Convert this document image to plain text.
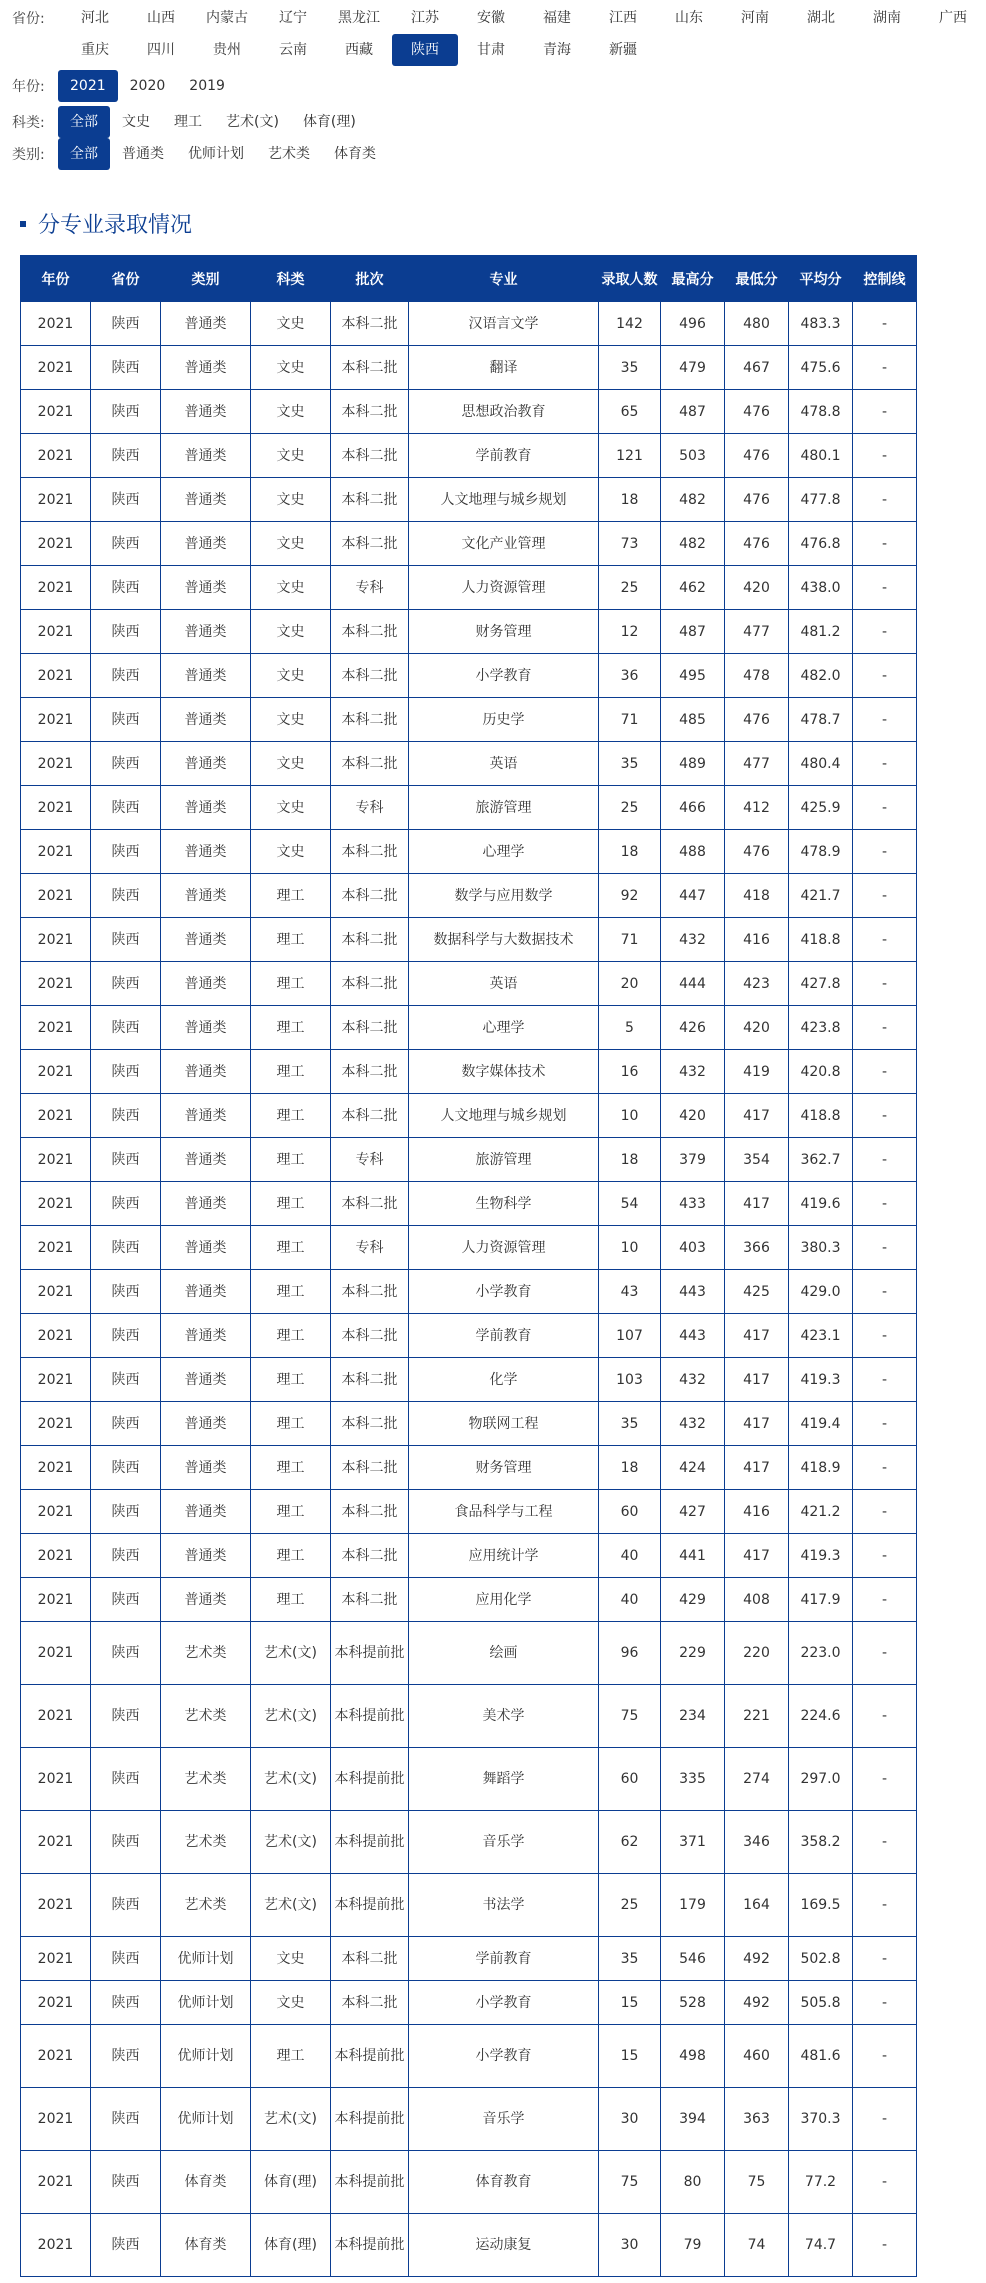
省份:	河北	山西	内蒙古	辽宁	黑龙江	江苏	安徽	福建	江西	山东	河南	湖北	湖南	广西
重庆	四川	贵州	云南	西藏	陕西	甘肃	青海	新疆
年份:	2021	2020	2019
科类:	全部	文史	理工	艺术(文)	体育(理)
类别:	全部	普通类	优师计划	艺术类	体育类
分专业录取情况
年份	省份	类别	科类	批次	专业	录取人数	最高分	最低分	平均分	控制线
2021	陕西	普通类	文史	本科二批	汉语言文学	142	496	480	483.3	-
2021	陕西	普通类	文史	本科二批	翻译	35	479	467	475.6	-
2021	陕西	普通类	文史	本科二批	思想政治教育	65	487	476	478.8	-
2021	陕西	普通类	文史	本科二批	学前教育	121	503	476	480.1	-
2021	陕西	普通类	文史	本科二批	人文地理与城乡规划	18	482	476	477.8	-
2021	陕西	普通类	文史	本科二批	文化产业管理	73	482	476	476.8	-
2021	陕西	普通类	文史	专科	人力资源管理	25	462	420	438.0	-
2021	陕西	普通类	文史	本科二批	财务管理	12	487	477	481.2	-
2021	陕西	普通类	文史	本科二批	小学教育	36	495	478	482.0	-
2021	陕西	普通类	文史	本科二批	历史学	71	485	476	478.7	-
2021	陕西	普通类	文史	本科二批	英语	35	489	477	480.4	-
2021	陕西	普通类	文史	专科	旅游管理	25	466	412	425.9	-
2021	陕西	普通类	文史	本科二批	心理学	18	488	476	478.9	-
2021	陕西	普通类	理工	本科二批	数学与应用数学	92	447	418	421.7	-
2021	陕西	普通类	理工	本科二批	数据科学与大数据技术	71	432	416	418.8	-
2021	陕西	普通类	理工	本科二批	英语	20	444	423	427.8	-
2021	陕西	普通类	理工	本科二批	心理学	5	426	420	423.8	-
2021	陕西	普通类	理工	本科二批	数字媒体技术	16	432	419	420.8	-
2021	陕西	普通类	理工	本科二批	人文地理与城乡规划	10	420	417	418.8	-
2021	陕西	普通类	理工	专科	旅游管理	18	379	354	362.7	-
2021	陕西	普通类	理工	本科二批	生物科学	54	433	417	419.6	-
2021	陕西	普通类	理工	专科	人力资源管理	10	403	366	380.3	-
2021	陕西	普通类	理工	本科二批	小学教育	43	443	425	429.0	-
2021	陕西	普通类	理工	本科二批	学前教育	107	443	417	423.1	-
2021	陕西	普通类	理工	本科二批	化学	103	432	417	419.3	-
2021	陕西	普通类	理工	本科二批	物联网工程	35	432	417	419.4	-
2021	陕西	普通类	理工	本科二批	财务管理	18	424	417	418.9	-
2021	陕西	普通类	理工	本科二批	食品科学与工程	60	427	416	421.2	-
2021	陕西	普通类	理工	本科二批	应用统计学	40	441	417	419.3	-
2021	陕西	普通类	理工	本科二批	应用化学	40	429	408	417.9	-
2021	陕西	艺术类	艺术(文)	本科提前批	绘画	96	229	220	223.0	-
2021	陕西	艺术类	艺术(文)	本科提前批	美术学	75	234	221	224.6	-
2021	陕西	艺术类	艺术(文)	本科提前批	舞蹈学	60	335	274	297.0	-
2021	陕西	艺术类	艺术(文)	本科提前批	音乐学	62	371	346	358.2	-
2021	陕西	艺术类	艺术(文)	本科提前批	书法学	25	179	164	169.5	-
2021	陕西	优师计划	文史	本科二批	学前教育	35	546	492	502.8	-
2021	陕西	优师计划	文史	本科二批	小学教育	15	528	492	505.8	-
2021	陕西	优师计划	理工	本科提前批	小学教育	15	498	460	481.6	-
2021	陕西	优师计划	艺术(文)	本科提前批	音乐学	30	394	363	370.3	-
2021	陕西	体育类	体育(理)	本科提前批	体育教育	75	80	75	77.2	-
2021	陕西	体育类	体育(理)	本科提前批	运动康复	30	79	74	74.7	-
